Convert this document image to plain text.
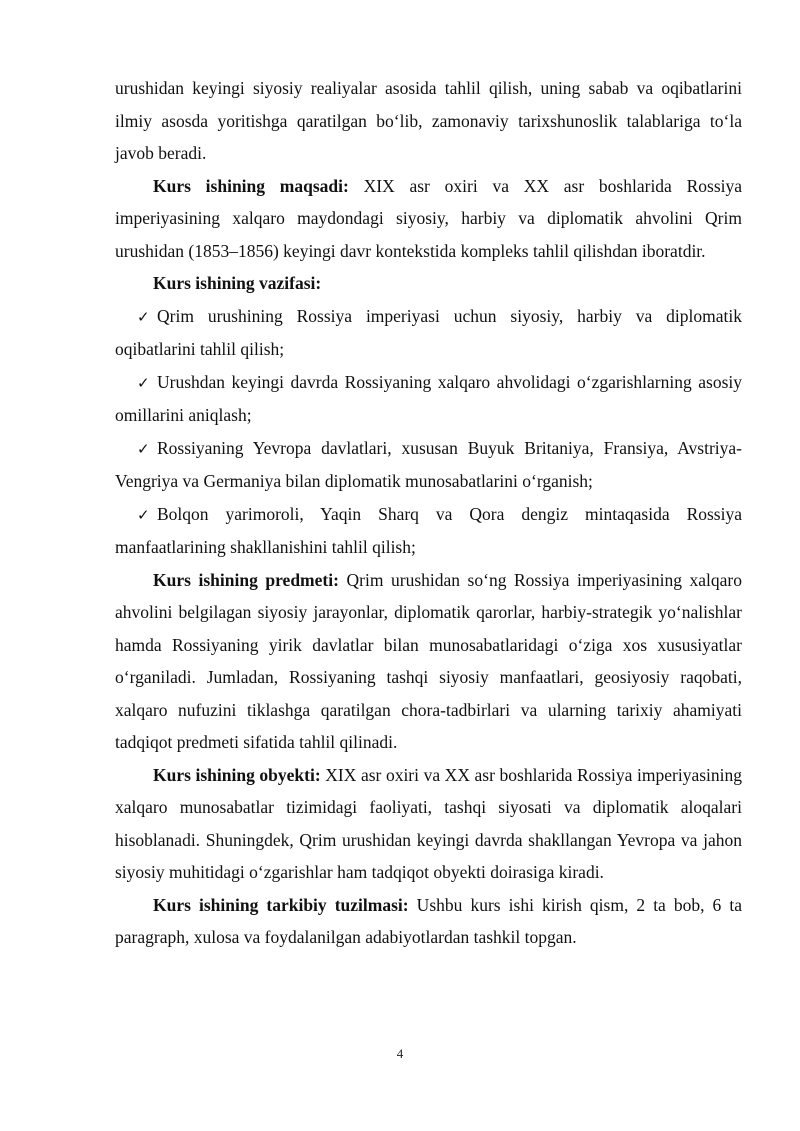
urushidan keyingi siyosiy realiyalar asosida tahlil qilish, uning sabab va oqibatlarini ilmiy asosda yoritishga qaratilgan bo‘lib, zamonaviy tarixshunoslik talablariga to‘la javob beradi.

Kurs ishining maqsadi: XIX asr oxiri va XX asr boshlarida Rossiya imperiyasining xalqaro maydondagi siyosiy, harbiy va diplomatik ahvolini Qrim urushidan (1853–1856) keyingi davr kontekstida kompleks tahlil qilishdan iboratdir.

Kurs ishining vazifasi:

✓ Qrim urushining Rossiya imperiyasi uchun siyosiy, harbiy va diplomatik oqibatlarini tahlil qilish;

✓ Urushdan keyingi davrda Rossiyaning xalqaro ahvolidagi o‘zgarishlarning asosiy omillarini aniqlash;

✓ Rossiyaning Yevropa davlatlari, xususan Buyuk Britaniya, Fransiya, Avstriya-Vengriya va Germaniya bilan diplomatik munosabatlarini o‘rganish;

✓ Bolqon yarimoroli, Yaqin Sharq va Qora dengiz mintaqasida Rossiya manfaatlarining shakllanishini tahlil qilish;

Kurs ishining predmeti: Qrim urushidan so‘ng Rossiya imperiyasining xalqaro ahvolini belgilagan siyosiy jarayonlar, diplomatik qarorlar, harbiy-strategik yo‘nalishlar hamda Rossiyaning yirik davlatlar bilan munosabatlaridagi o‘ziga xos xususiyatlar o‘rganiladi. Jumladan, Rossiyaning tashqi siyosiy manfaatlari, geosiyosiy raqobati, xalqaro nufuzini tiklashga qaratilgan chora-tadbirlari va ularning tarixiy ahamiyati tadqiqot predmeti sifatida tahlil qilinadi.

Kurs ishining obyekti: XIX asr oxiri va XX asr boshlarida Rossiya imperiyasining xalqaro munosabatlar tizimidagi faoliyati, tashqi siyosati va diplomatik aloqalari hisoblanadi. Shuningdek, Qrim urushidan keyingi davrda shakllangan Yevropa va jahon siyosiy muhitidagi o‘zgarishlar ham tadqiqot obyekti doirasiga kiradi.

Kurs ishining tarkibiy tuzilmasi: Ushbu kurs ishi kirish qism, 2 ta bob, 6 ta paragraph, xulosa va foydalanilgan adabiyotlardan tashkil topgan.

4
